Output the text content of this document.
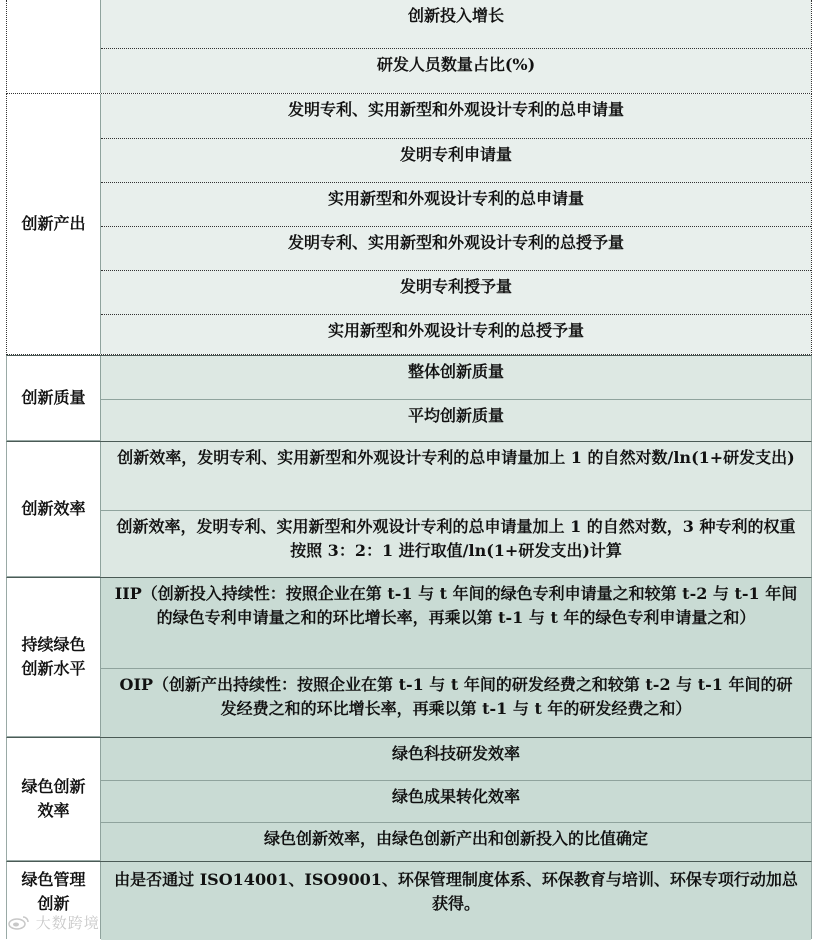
创新投入增长
研发人员数量占比(%)
创新产出
发明专利、实用新型和外观设计专利的总申请量
发明专利申请量
实用新型和外观设计专利的总申请量
发明专利、实用新型和外观设计专利的总授予量
发明专利授予量
实用新型和外观设计专利的总授予量
创新质量
整体创新质量
平均创新质量
创新效率
创新效率，发明专利、实用新型和外观设计专利的总申请量加上 1 的自然对数/ln(1+研发支出)
创新效率，发明专利、实用新型和外观设计专利的总申请量加上 1 的自然对数，3 种专利的权重按照 3：2：1 进行取值/ln(1+研发支出)计算
持续绿色创新水平
IIP（创新投入持续性：按照企业在第 t-1 与 t 年间的绿色专利申请量之和较第 t-2 与 t-1 年间的绿色专利申请量之和的环比增长率，再乘以第 t-1 与 t 年的绿色专利申请量之和）
OIP（创新产出持续性：按照企业在第 t-1 与 t 年间的研发经费之和较第 t-2 与 t-1 年间的研发经费之和的环比增长率，再乘以第 t-1 与 t 年的研发经费之和）
绿色创新效率
绿色科技研发效率
绿色成果转化效率
绿色创新效率，由绿色创新产出和创新投入的比值确定
绿色管理创新
由是否通过 ISO14001、ISO9001、环保管理制度体系、环保教育与培训、环保专项行动加总获得。
大数跨境
